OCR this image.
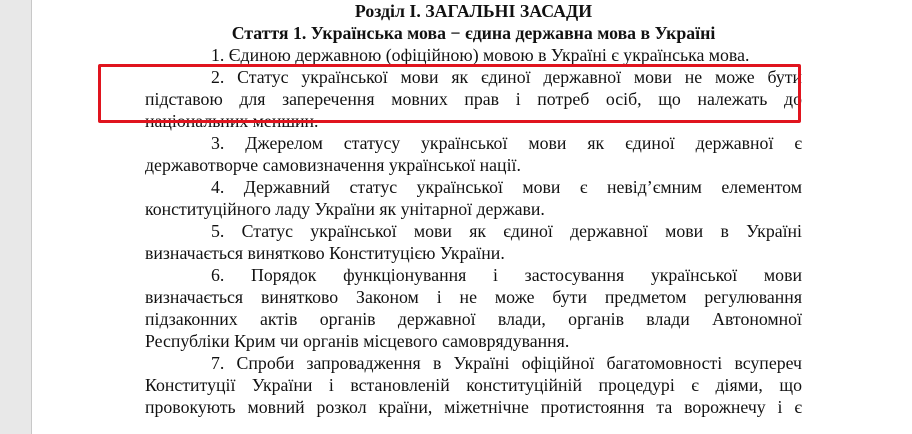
Розділ І. ЗАГАЛЬНІ ЗАСАДИ
Стаття 1. Українська мова − єдина державна мова в Україні
1. Єдиною державною (офіційною) мовою в Україні є українська мова.
2. Статус української мови як єдиної державної мови не може бути
підставою для заперечення мовних прав і потреб осіб, що належать до
національних меншин.
3. Джерелом статусу української мови як єдиної державної є
державотворче самовизначення української нації.
4. Державний статус української мови є невід’ємним елементом
конституційного ладу України як унітарної держави.
5. Статус української мови як єдиної державної мови в Україні
визначається винятково Конституцією України.
6. Порядок функціонування і застосування української мови
визначається винятково Законом і не може бути предметом регулювання
підзаконних актів органів державної влади, органів влади Автономної
Республіки Крим чи органів місцевого самоврядування.
7. Спроби запровадження в Україні офіційної багатомовності всупереч
Конституції України і встановленій конституційній процедурі є діями, що
провокують мовний розкол країни, міжетнічне протистояння та ворожнечу і є
